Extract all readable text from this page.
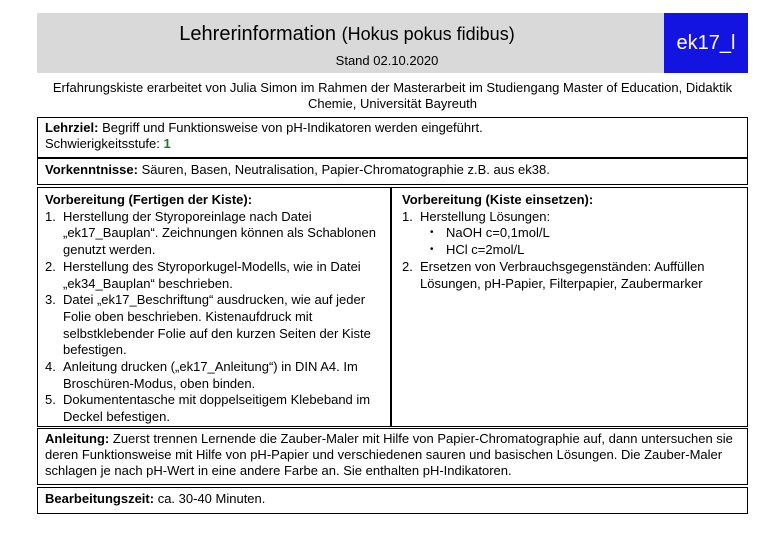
Lehrerinformation (Hokus pokus fidibus)
Stand 02.10.2020
ek17_l
Erfahrungskiste erarbeitet von Julia Simon im Rahmen der Masterarbeit im Studiengang Master of Education, Didaktik Chemie, Universität Bayreuth
Lehrziel: Begriff und Funktionsweise von pH-Indikatoren werden eingeführt.
Schwierigkeitsstufe: 1
Vorkenntnisse: Säuren, Basen, Neutralisation, Papier-Chromatographie z.B. aus ek38.
Vorbereitung (Fertigen der Kiste):
1. Herstellung der Styroporeinlage nach Datei „ek17_Bauplan“. Zeichnungen können als Schablonen genutzt werden.
2. Herstellung des Styroporkugel-Modells, wie in Datei „ek34_Bauplan“ beschrieben.
3. Datei „ek17_Beschriftung“ ausdrucken, wie auf jeder Folie oben beschrieben. Kistenaufdruck mit selbstklebender Folie auf den kurzen Seiten der Kiste befestigen.
4. Anleitung drucken („ek17_Anleitung“) in DIN A4. Im Broschüren-Modus, oben binden.
5. Dokumententasche mit doppelseitigem Klebeband im Deckel befestigen.
Vorbereitung (Kiste einsetzen):
1. Herstellung Lösungen:
• NaOH c=0,1mol/L
• HCl c=2mol/L
2. Ersetzen von Verbrauchsgegenständen: Auffüllen Lösungen, pH-Papier, Filterpapier, Zaubermarker
Anleitung: Zuerst trennen Lernende die Zauber-Maler mit Hilfe von Papier-Chromatographie auf, dann untersuchen sie deren Funktionsweise mit Hilfe von pH-Papier und verschiedenen sauren und basischen Lösungen. Die Zauber-Maler schlagen je nach pH-Wert in eine andere Farbe an. Sie enthalten pH-Indikatoren.
Bearbeitungszeit: ca. 30-40 Minuten.
